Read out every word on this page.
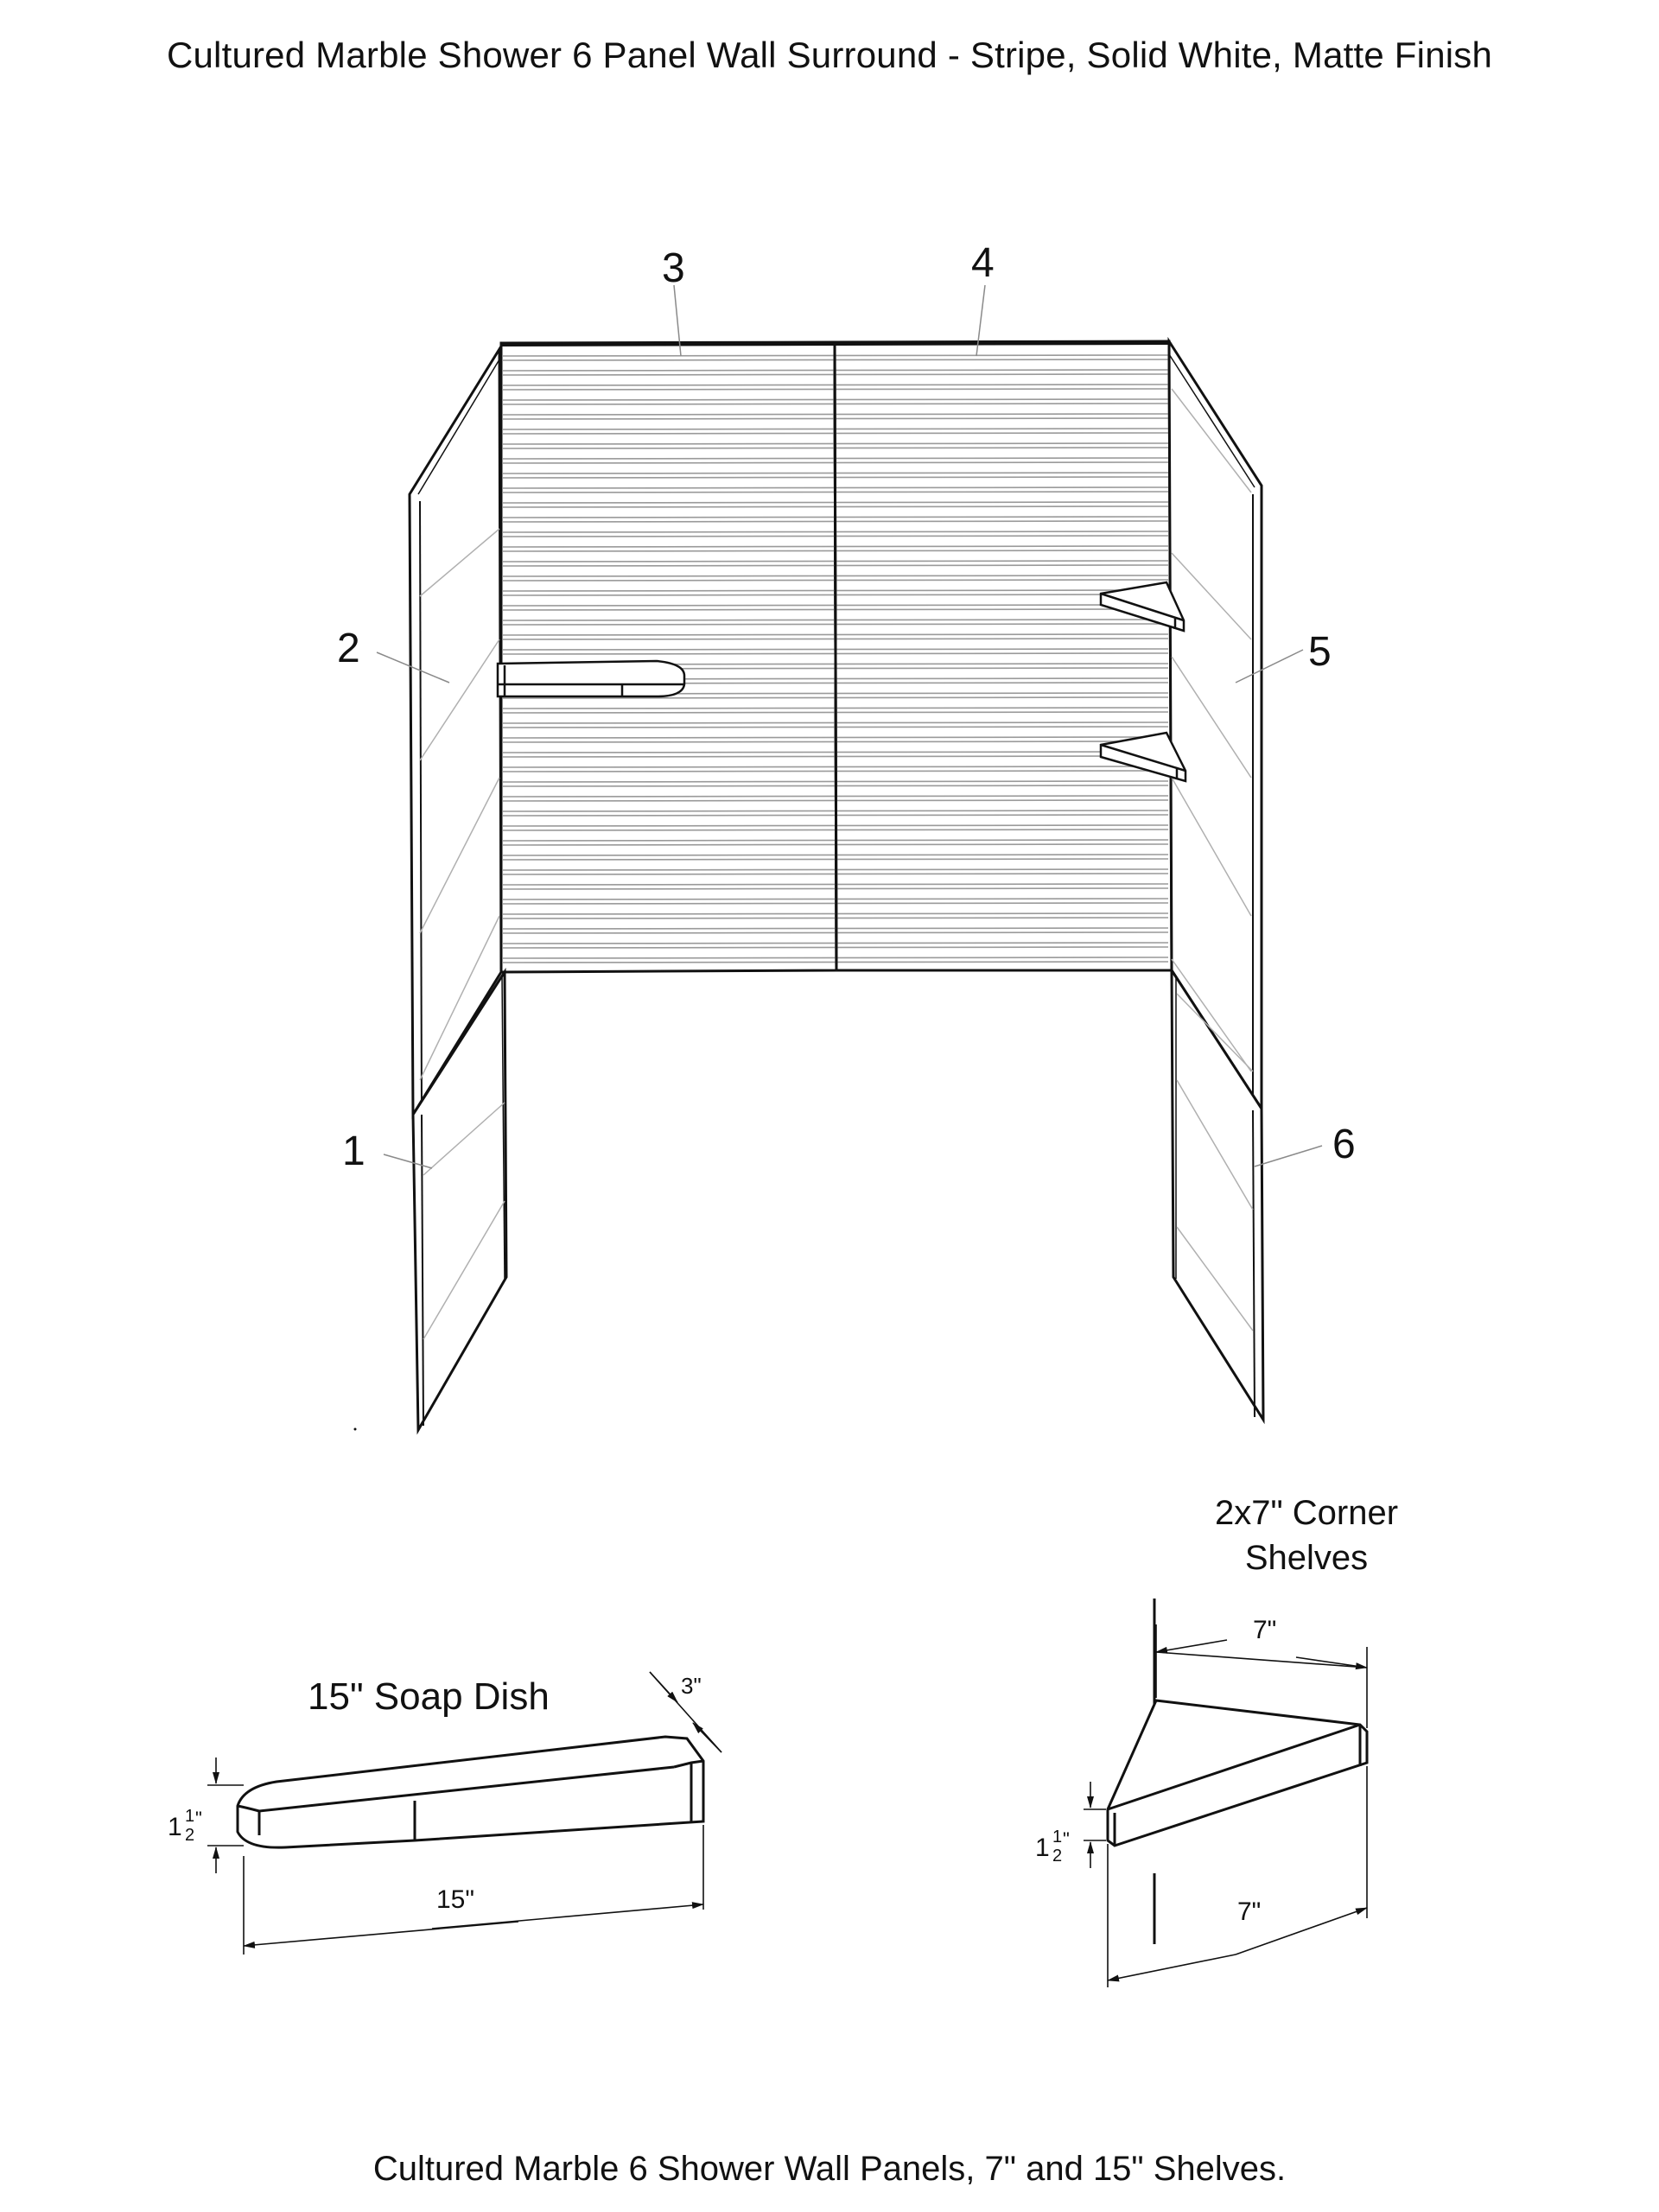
Cultured Marble Shower 6 Panel Wall Surround - Stripe, Solid White, Matte Finish
3	4
2	5
1	6
15" Soap Dish
15"
3"
1 1
2
"
2x7" Corner
Shelves
7"
7"
1 1
2
"
Cultured Marble 6 Shower Wall Panels, 7" and 15" Shelves.
